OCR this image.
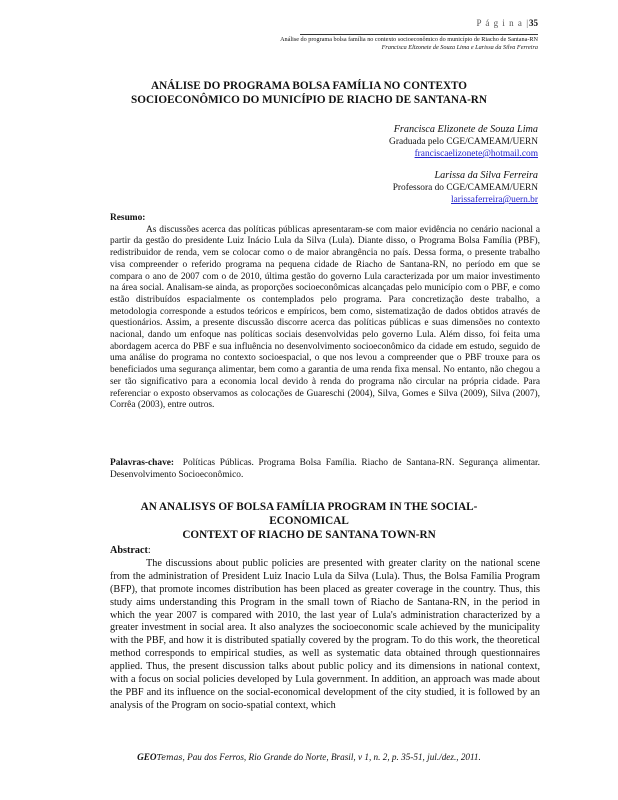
P á g i n a |35
Análise do programa bolsa família no contexto socioeconômico do município de Riacho de Santana-RN
Francisca Elizonete de Souza Lima e Larissa da Silva Ferreira
ANÁLISE DO PROGRAMA BOLSA FAMÍLIA NO CONTEXTO
SOCIOECONÔMICO DO MUNICÍPIO DE RIACHO DE SANTANA-RN
Francisca Elizonete de Souza Lima
Graduada pelo CGE/CAMEAM/UERN
franciscaelizonete@hotmail.com
Larissa da Silva Ferreira
Professora do CGE/CAMEAM/UERN
larissaferreira@uern.br
Resumo:

As discussões acerca das políticas públicas apresentaram-se com maior evidência no cenário nacional a partir da gestão do presidente Luiz Inácio Lula da Silva (Lula). Diante disso, o Programa Bolsa Família (PBF), redistribuidor de renda, vem se colocar como o de maior abrangência no país. Dessa forma, o presente trabalho visa compreender o referido programa na pequena cidade de Riacho de Santana-RN, no período em que se compara o ano de 2007 com o de 2010, última gestão do governo Lula caracterizada por um maior investimento na área social. Analisam-se ainda, as proporções socioeconômicas alcançadas pelo município com o PBF, e como estão distribuídos espacialmente os contemplados pelo programa. Para concretização deste trabalho, a metodologia corresponde a estudos teóricos e empíricos, bem como, sistematização de dados obtidos através de questionários. Assim, a presente discussão discorre acerca das políticas públicas e suas dimensões no contexto nacional, dando um enfoque nas políticas sociais desenvolvidas pelo governo Lula. Além disso, foi feita uma abordagem acerca do PBF e sua influência no desenvolvimento socioeconômico da cidade em estudo, seguido de uma análise do programa no contexto socioespacial, o que nos levou a compreender que o PBF trouxe para os beneficiados uma segurança alimentar, bem como a garantia de uma renda fixa mensal. No entanto, não chegou a ser tão significativo para a economia local devido à renda do programa não circular na própria cidade. Para referenciar o exposto observamos as colocações de Guareschi (2004), Silva, Gomes e Silva (2009), Silva (2007), Corrêa (2003), entre outros.

Palavras-chave: Políticas Públicas. Programa Bolsa Família. Riacho de Santana-RN. Segurança alimentar. Desenvolvimento Socioeconômico.
AN ANALISYS OF BOLSA FAMÍLIA PROGRAM IN THE SOCIAL-ECONOMICAL
CONTEXT OF RIACHO DE SANTANA TOWN-RN
Abstract:

The discussions about public policies are presented with greater clarity on the national scene from the administration of President Luiz Inacio Lula da Silva (Lula). Thus, the Bolsa Família Program (BFP), that promote incomes distribution has been placed as greater coverage in the country. Thus, this study aims understanding this Program in the small town of Riacho de Santana-RN, in the period in which the year 2007 is compared with 2010, the last year of Lula's administration characterized by a greater investment in social area. It also analyzes the socioeconomic scale achieved by the municipality with the PBF, and how it is distributed spatially covered by the program. To do this work, the theoretical method corresponds to empirical studies, as well as systematic data obtained through questionnaires applied. Thus, the present discussion talks about public policy and its dimensions in national context, with a focus on social policies developed by Lula government. In addition, an approach was made about the PBF and its influence on the social-economical development of the city studied, it is followed by an analysis of the Program on socio-spatial context, which

GEOTemas, Pau dos Ferros, Rio Grande do Norte, Brasil, v 1, n. 2, p. 35-51, jul./dez., 2011.
